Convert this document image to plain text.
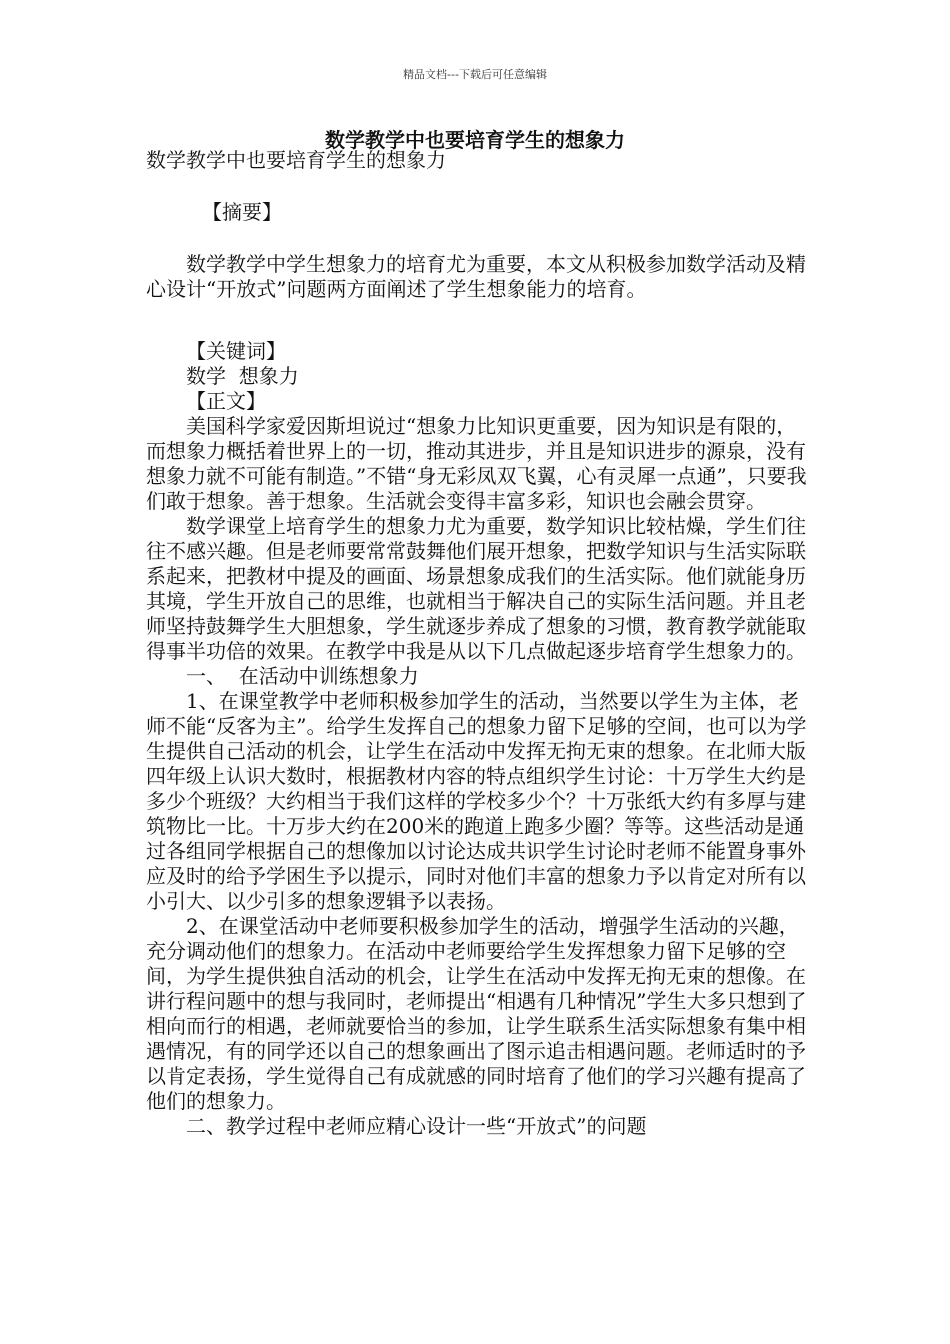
精品文档---下载后可任意编辑
数学教学中也要培育学生的想象力

数学教学中也要培育学生的想象力

【摘要】

数学教学中学生想象力的培育尤为重要，本文从积极参加数学活动及精心设计“开放式”问题两方面阐述了学生想象能力的培育。

【关键词】

数学  想象力

【正文】

美国科学家爱因斯坦说过“想象力比知识更重要，因为知识是有限的，而想象力概括着世界上的一切，推动其进步，并且是知识进步的源泉，没有想象力就不可能有制造。”不错“身无彩凤双飞翼，心有灵犀一点通”，只要我们敢于想象。善于想象。生活就会变得丰富多彩，知识也会融会贯穿。

数学课堂上培育学生的想象力尤为重要，数学知识比较枯燥，学生们往往不感兴趣。但是老师要常常鼓舞他们展开想象，把数学知识与生活实际联系起来，把教材中提及的画面、场景想象成我们的生活实际。他们就能身历其境，学生开放自己的思维，也就相当于解决自己的实际生活问题。并且老师坚持鼓舞学生大胆想象，学生就逐步养成了想象的习惯，教育教学就能取得事半功倍的效果。在教学中我是从以下几点做起逐步培育学生想象力的。

一、  在活动中训练想象力

1、在课堂教学中老师积极参加学生的活动，当然要以学生为主体，老师不能“反客为主”。给学生发挥自己的想象力留下足够的空间，也可以为学生提供自己活动的机会，让学生在活动中发挥无拘无束的想象。在北师大版四年级上认识大数时，根据教材内容的特点组织学生讨论：十万学生大约是多少个班级？大约相当于我们这样的学校多少个？十万张纸大约有多厚与建筑物比一比。十万步大约在200米的跑道上跑多少圈？等等。这些活动是通过各组同学根据自己的想像加以讨论达成共识学生讨论时老师不能置身事外应及时的给予学困生予以提示，同时对他们丰富的想象力予以肯定对所有以小引大、以少引多的想象逻辑予以表扬。

2、在课堂活动中老师要积极参加学生的活动，增强学生活动的兴趣，充分调动他们的想象力。在活动中老师要给学生发挥想象力留下足够的空间，为学生提供独自活动的机会，让学生在活动中发挥无拘无束的想像。在讲行程问题中的想与我同时，老师提出“相遇有几种情况”学生大多只想到了相向而行的相遇，老师就要恰当的参加，让学生联系生活实际想象有集中相遇情况，有的同学还以自己的想象画出了图示追击相遇问题。老师适时的予以肯定表扬，学生觉得自己有成就感的同时培育了他们的学习兴趣有提高了他们的想象力。

二、教学过程中老师应精心设计一些“开放式”的问题
